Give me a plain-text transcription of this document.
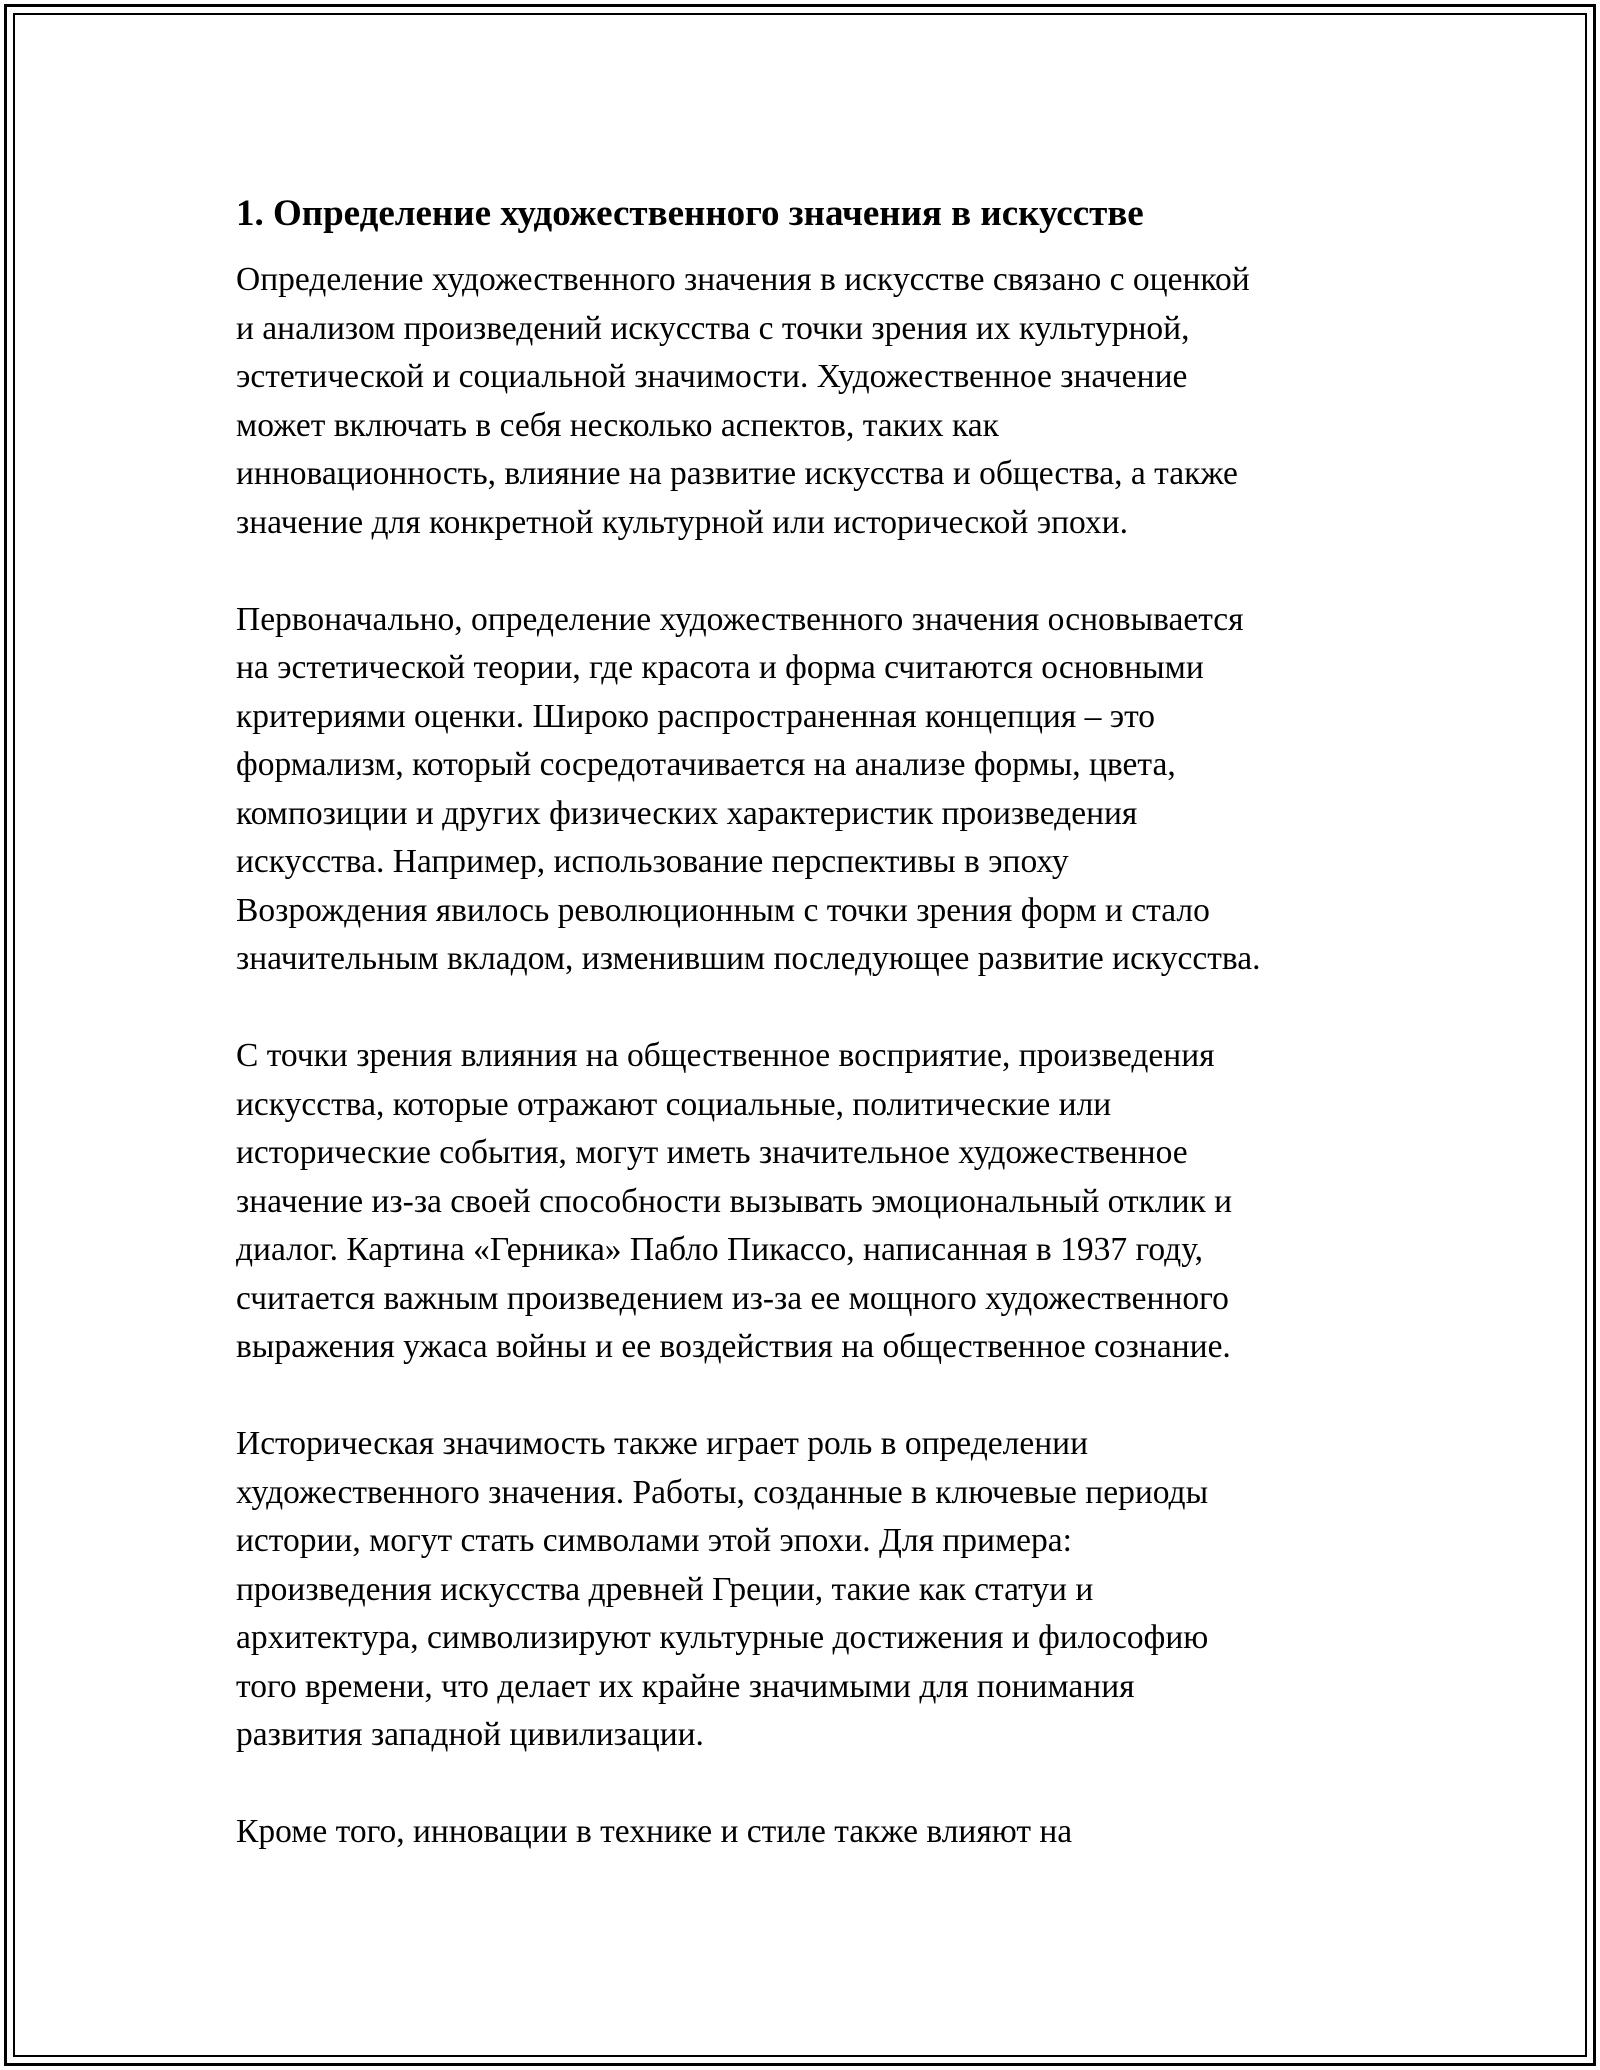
1. Определение художественного значения в искусстве

Определение художественного значения в искусстве связано с оценкой
и анализом произведений искусства с точки зрения их культурной,
эстетической и социальной значимости. Художественное значение
может включать в себя несколько аспектов, таких как
инновационность, влияние на развитие искусства и общества, а также
значение для конкретной культурной или исторической эпохи.

Первоначально, определение художественного значения основывается
на эстетической теории, где красота и форма считаются основными
критериями оценки. Широко распространенная концепция – это
формализм, который сосредотачивается на анализе формы, цвета,
композиции и других физических характеристик произведения
искусства. Например, использование перспективы в эпоху
Возрождения явилось революционным с точки зрения форм и стало
значительным вкладом, изменившим последующее развитие искусства.

С точки зрения влияния на общественное восприятие, произведения
искусства, которые отражают социальные, политические или
исторические события, могут иметь значительное художественное
значение из-за своей способности вызывать эмоциональный отклик и
диалог. Картина «Герника» Пабло Пикассо, написанная в 1937 году,
считается важным произведением из-за ее мощного художественного
выражения ужаса войны и ее воздействия на общественное сознание.

Историческая значимость также играет роль в определении
художественного значения. Работы, созданные в ключевые периоды
истории, могут стать символами этой эпохи. Для примера:
произведения искусства древней Греции, такие как статуи и
архитектура, символизируют культурные достижения и философию
того времени, что делает их крайне значимыми для понимания
развития западной цивилизации.

Кроме того, инновации в технике и стиле также влияют на
